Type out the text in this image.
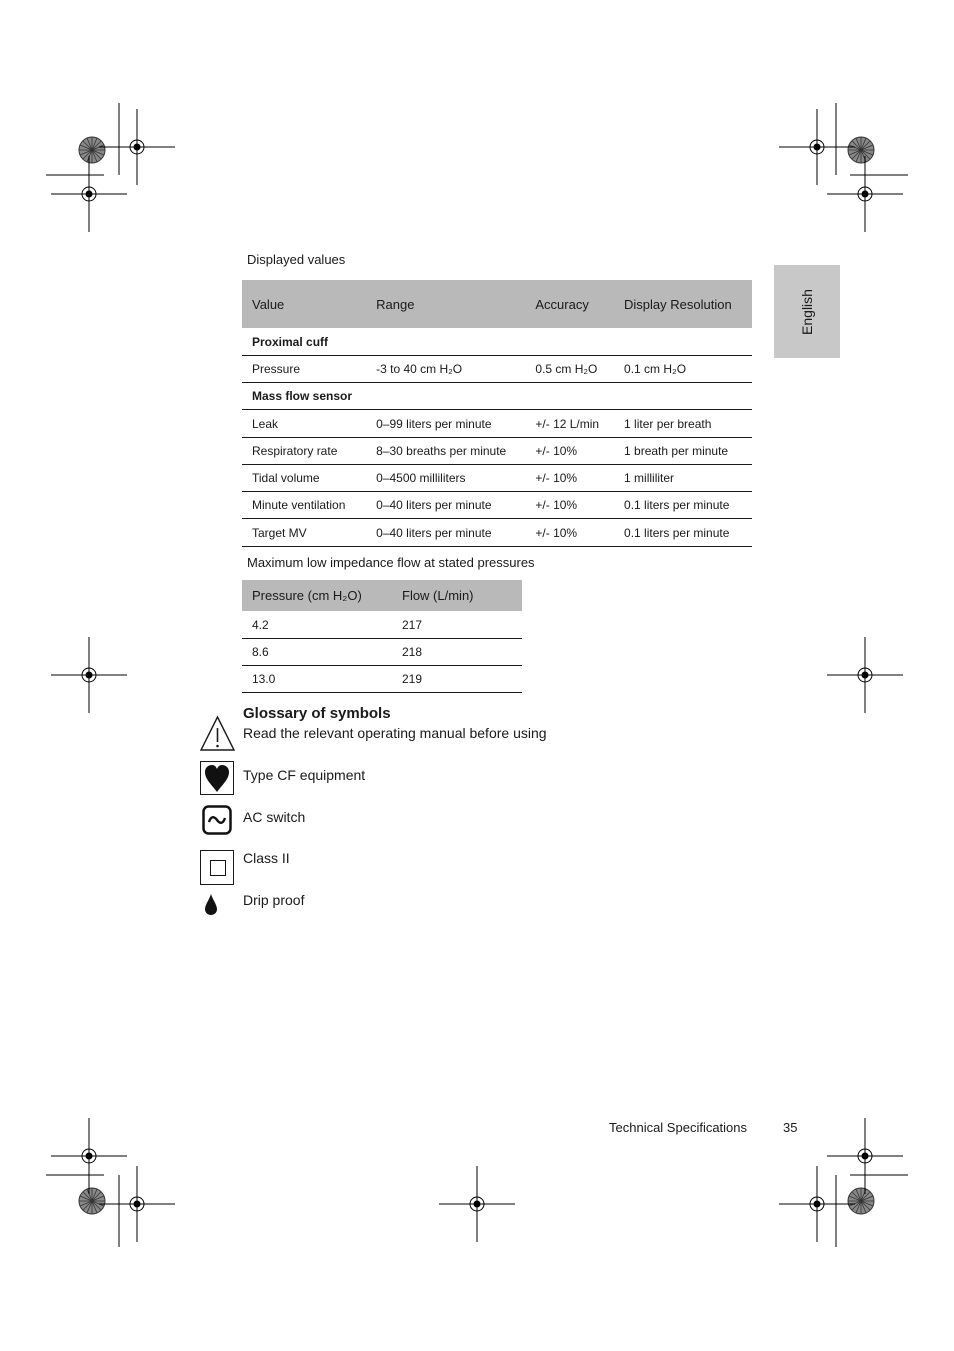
English
Displayed values
Value	Range	Accuracy	Display Resolution
Proximal cuff			
Pressure	-3 to 40 cm H₂O	0.5 cm H₂O	0.1 cm H₂O
Mass flow sensor			
Leak	0–99 liters per minute	+/- 12 L/min	1 liter per breath
Respiratory rate	8–30 breaths per minute	+/- 10%	1 breath per minute
Tidal volume	0–4500 milliliters	+/- 10%	1 milliliter
Minute ventilation	0–40 liters per minute	+/- 10%	0.1 liters per minute
Target MV	0–40 liters per minute	+/- 10%	0.1 liters per minute
Maximum low impedance flow at stated pressures
Pressure (cm H₂O)	Flow (L/min)
4.2	217
8.6	218
13.0	219
Glossary of symbols
Read the relevant operating manual before using
Type CF equipment
AC switch
Class II
Drip proof
Technical Specifications	35
